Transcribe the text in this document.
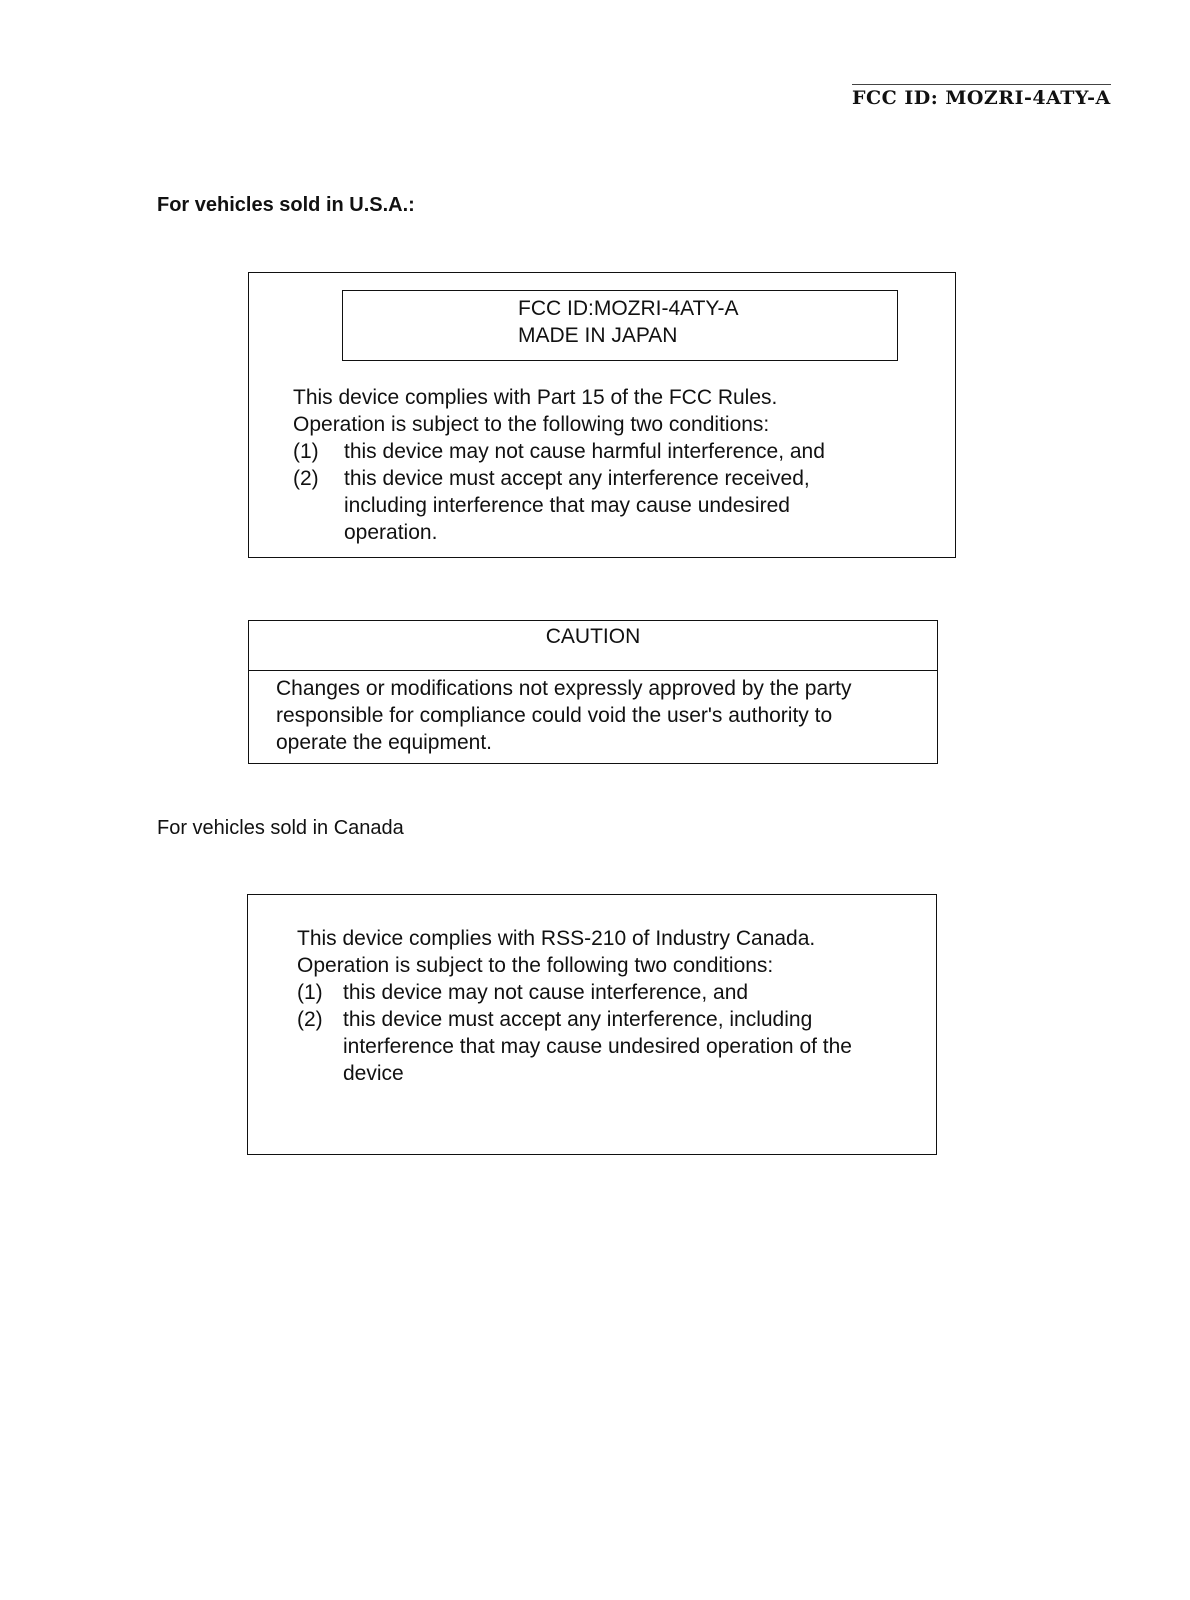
FCC ID: MOZRI-4ATY-A
For vehicles sold in U.S.A.:
FCC ID:MOZRI-4ATY-A
MADE IN JAPAN
This device complies with Part 15 of the FCC Rules.
Operation is subject to the following two conditions:
(1)	this device may not cause harmful interference, and
(2)	this device must accept any interference received,
including interference that may cause undesired
operation.
CAUTION
Changes or modifications not expressly approved by the party
responsible for compliance could void the user's authority to
operate the equipment.
For vehicles sold in Canada
This device complies with RSS-210 of Industry Canada.
Operation is subject to the following two conditions:
(1) this device may not cause interference, and
(2) this device must accept any interference, including
interference that may cause undesired operation of the
device
